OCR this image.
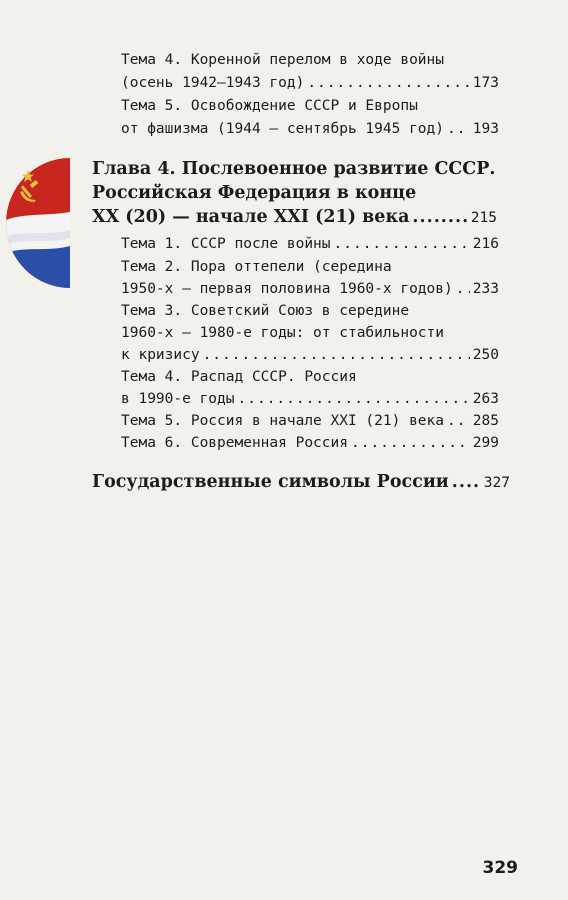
Тема 4. Коренной перелом в ходе войны
(осень 1942—1943 год) .....	173
Тема 5. Освобождение СССР и Европы
от фашизма (1944 — сентябрь 1945 год) ..... 193
Глава 4. Послевоенное развитие СССР.
Российская Федерация в конце
XX (20) — начале XXI (21) века .....	215
Тема 1. СССР после войны .....	216
Тема 2. Пора оттепели (середина
1950-х — первая половина 1960-х годов) ..... 233
Тема 3. Советский Союз в середине
1960-х — 1980-е годы: от стабильности
к кризису .....	250
Тема 4. Распад СССР. Россия
в 1990-е годы .....	263
Тема 5. Россия в начале XXI (21) века ..... 285
Тема 6. Современная Россия .....	299
Государственные символы России ..... 327
329
